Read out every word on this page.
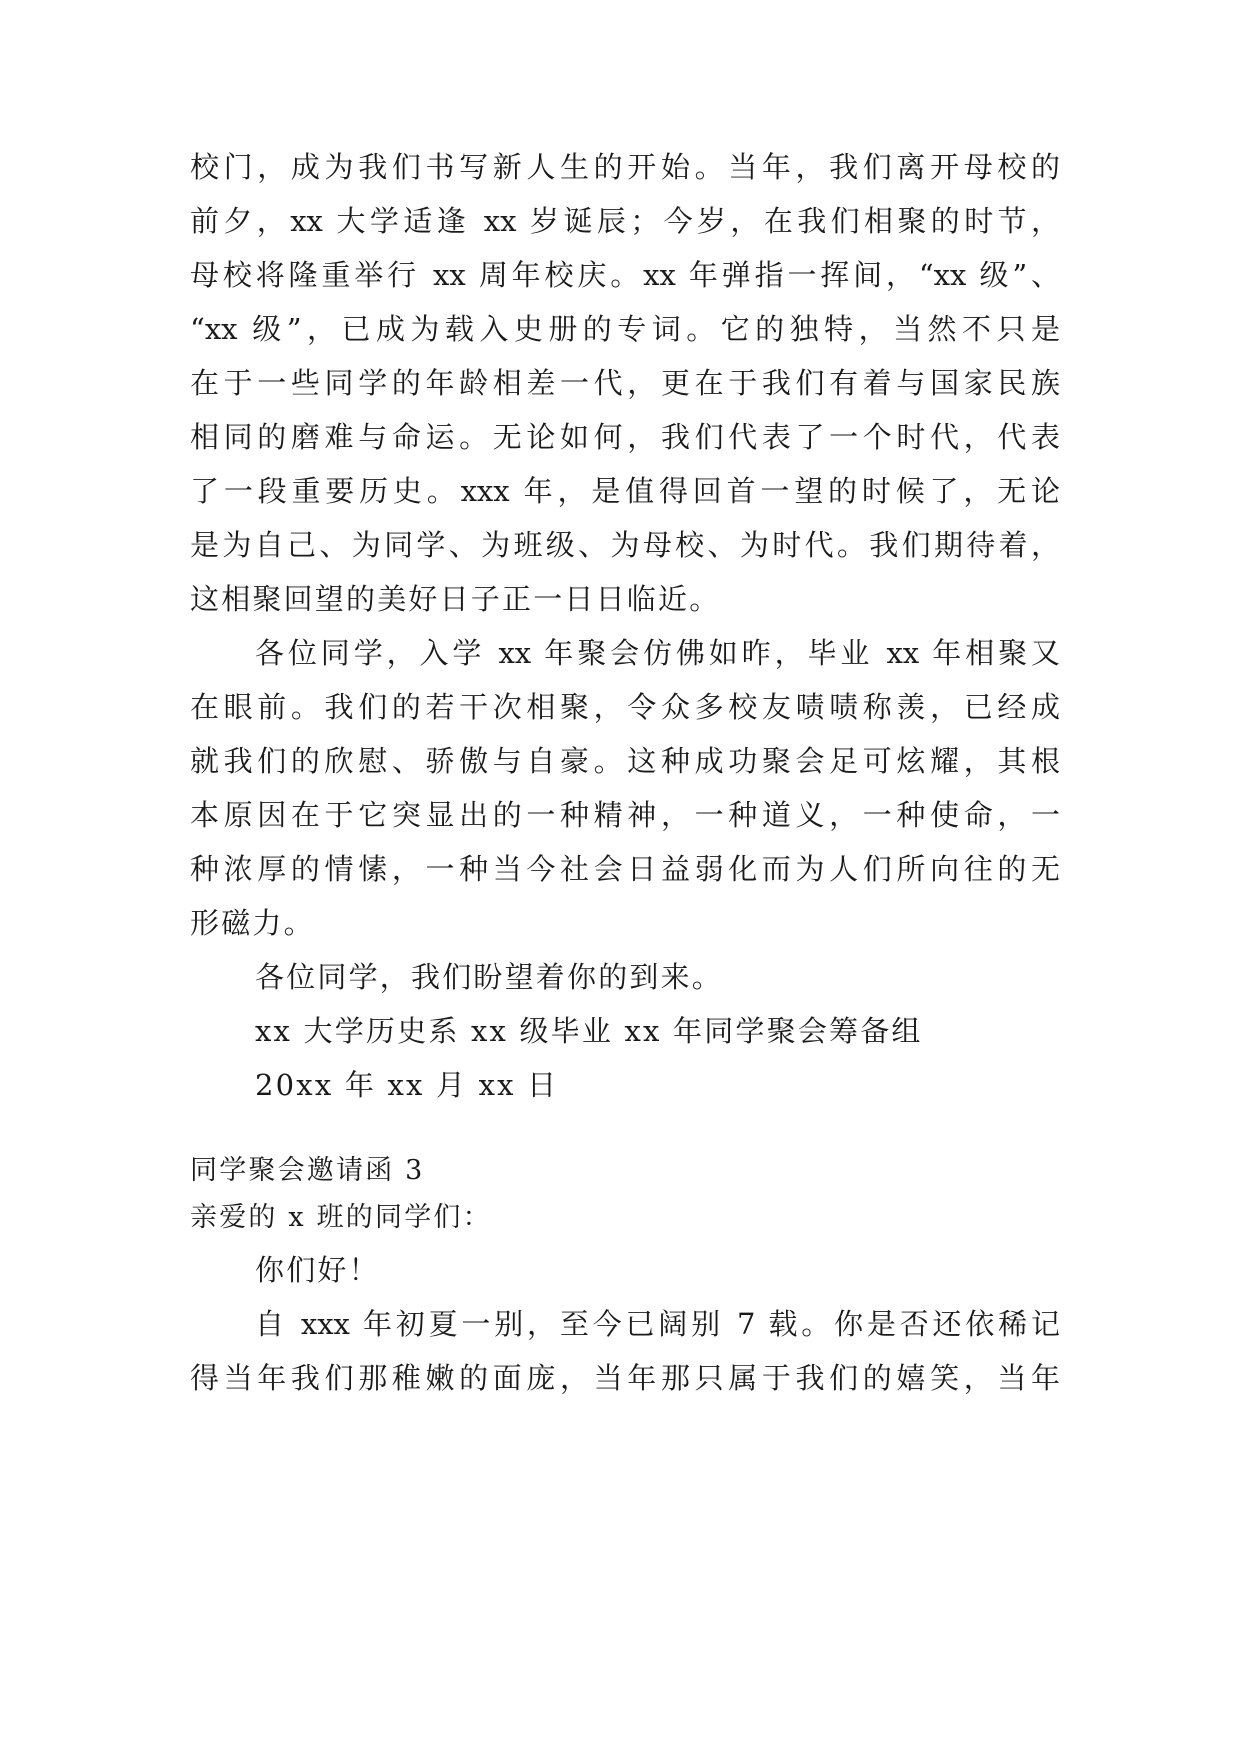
校门，成为我们书写新人生的开始。当年，我们离开母校的
前夕，xx 大学适逢 xx 岁诞辰；今岁，在我们相聚的时节，
母校将隆重举行 xx 周年校庆。xx 年弹指一挥间，“xx 级”、
“xx 级”，已成为载入史册的专词。它的独特，当然不只是
在于一些同学的年龄相差一代，更在于我们有着与国家民族
相同的磨难与命运。无论如何，我们代表了一个时代，代表
了一段重要历史。xxx 年，是值得回首一望的时候了，无论
是为自己、为同学、为班级、为母校、为时代。我们期待着，
这相聚回望的美好日子正一日日临近。
各位同学，入学 xx 年聚会仿佛如昨，毕业 xx 年相聚又
在眼前。我们的若干次相聚，令众多校友啧啧称羡，已经成
就我们的欣慰、骄傲与自豪。这种成功聚会足可炫耀，其根
本原因在于它突显出的一种精神，一种道义，一种使命，一
种浓厚的情愫，一种当今社会日益弱化而为人们所向往的无
形磁力。
各位同学，我们盼望着你的到来。
xx 大学历史系 xx 级毕业 xx 年同学聚会筹备组
20xx 年 xx 月 xx 日
同学聚会邀请函 3
亲爱的 x 班的同学们：
你们好！
自 xxx 年初夏一别，至今已阔别 7 载。你是否还依稀记
得当年我们那稚嫩的面庞，当年那只属于我们的嬉笑，当年
